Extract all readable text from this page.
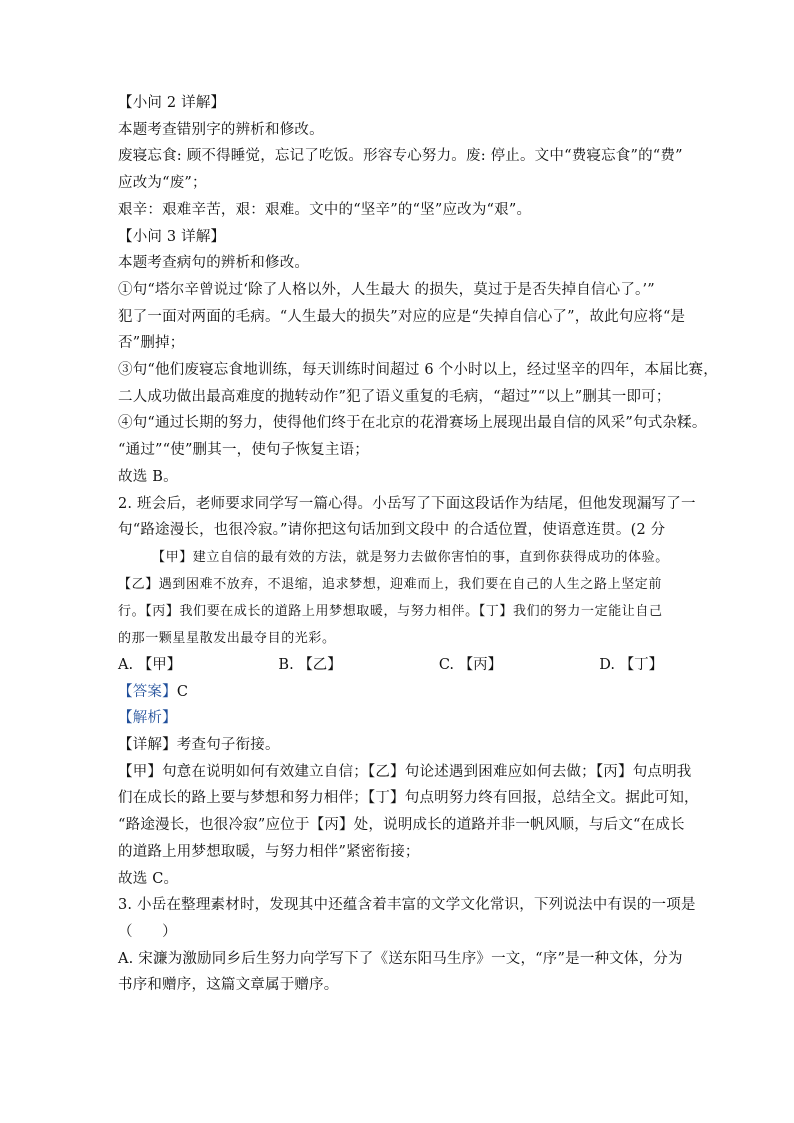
【小问 2 详解】

本题考查错别字的辨析和修改。

废寝忘食: 顾不得睡觉，忘记了吃饭。形容专心努力。废: 停止。文中“费寝忘食”的“费”

应改为“废”；

艰辛：艰难辛苦，艰：艰难。文中的“坚辛”的“坚”应改为“艰”。

【小问 3 详解】

本题考查病句的辨析和修改。

①句“塔尔辛曾说过‘除了人格以外，人生最大 的损失，莫过于是否失掉自信心了。’”

犯了一面对两面的毛病。“人生最大的损失”对应的应是“失掉自信心了”，故此句应将“是

否”删掉；

③句“他们废寝忘食地训练，每天训练时间超过 6 个小时以上，经过坚辛的四年，本届比赛，

二人成功做出最高难度的抛转动作”犯了语义重复的毛病，“超过”“以上”删其一即可；

④句“通过长期的努力，使得他们终于在北京的花滑赛场上展现出最自信的风采”句式杂糅。

“通过”“使”删其一，使句子恢复主语；

故选 B。

2. 班会后，老师要求同学写一篇心得。小岳写了下面这段话作为结尾，但他发现漏写了一

句“路途漫长，也很冷寂。”请你把这句话加到文段中 的合适位置，使语意连贯。(2 分

【甲】建立自信的最有效的方法，就是努力去做你害怕的事，直到你获得成功的体验。

【乙】遇到困难不放弃，不退缩，追求梦想，迎难而上，我们要在自己的人生之路上坚定前

行。【丙】我们要在成长的道路上用梦想取暖，与努力相伴。【丁】我们的努力一定能让自己

的那一颗星星散发出最夺目的光彩。

A. 【甲】	B. 【乙】	C. 【丙】	D. 【丁】

【答案】C

【解析】

【详解】考查句子衔接。

【甲】句意在说明如何有效建立自信；【乙】句论述遇到困难应如何去做；【丙】句点明我

们在成长的路上要与梦想和努力相伴；【丁】句点明努力终有回报，总结全文。据此可知，

“路途漫长，也很冷寂”应位于【丙】处，说明成长的道路并非一帆风顺，与后文“在成长

的道路上用梦想取暖，与努力相伴”紧密衔接；

故选 C。

3. 小岳在整理素材时，发现其中还蕴含着丰富的文学文化常识，下列说法中有误的一项是

（　　）

A. 宋濂为激励同乡后生努力向学写下了《送东阳马生序》一文，“序”是一种文体，分为

书序和赠序，这篇文章属于赠序。
